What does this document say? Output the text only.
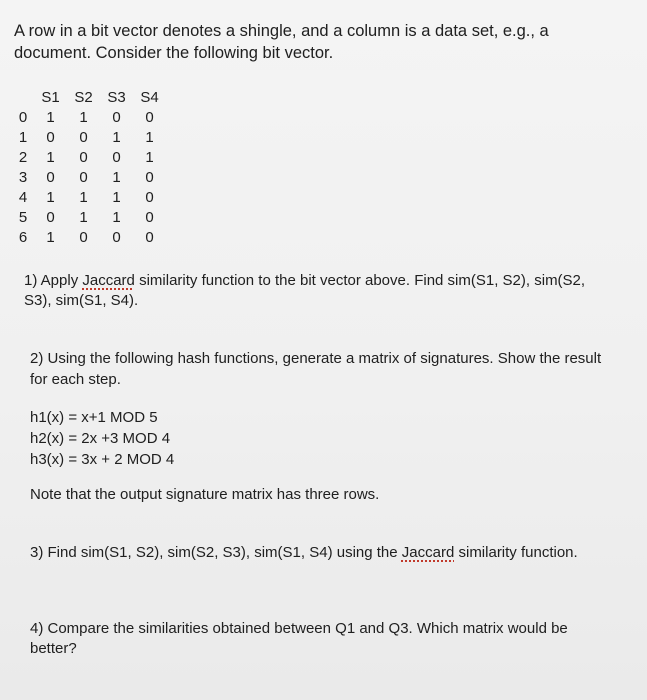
A row in a bit vector denotes a shingle, and a column is a data set, e.g., a document. Consider the following bit vector.
	S1	S2	S3	S4
0	1	1	0	0
1	0	0	1	1
2	1	0	0	1
3	0	0	1	0
4	1	1	1	0
5	0	1	1	0
6	1	0	0	0
1) Apply Jaccard similarity function to the bit vector above. Find sim(S1, S2), sim(S2, S3), sim(S1, S4).
2) Using the following hash functions, generate a matrix of signatures. Show the result for each step.
h1(x) = x+1 MOD 5
h2(x) = 2x +3 MOD 4
h3(x) = 3x + 2 MOD 4
Note that the output signature matrix has three rows.
3) Find sim(S1, S2), sim(S2, S3), sim(S1, S4) using the Jaccard similarity function.
4) Compare the similarities obtained between Q1 and Q3. Which matrix would be better?
